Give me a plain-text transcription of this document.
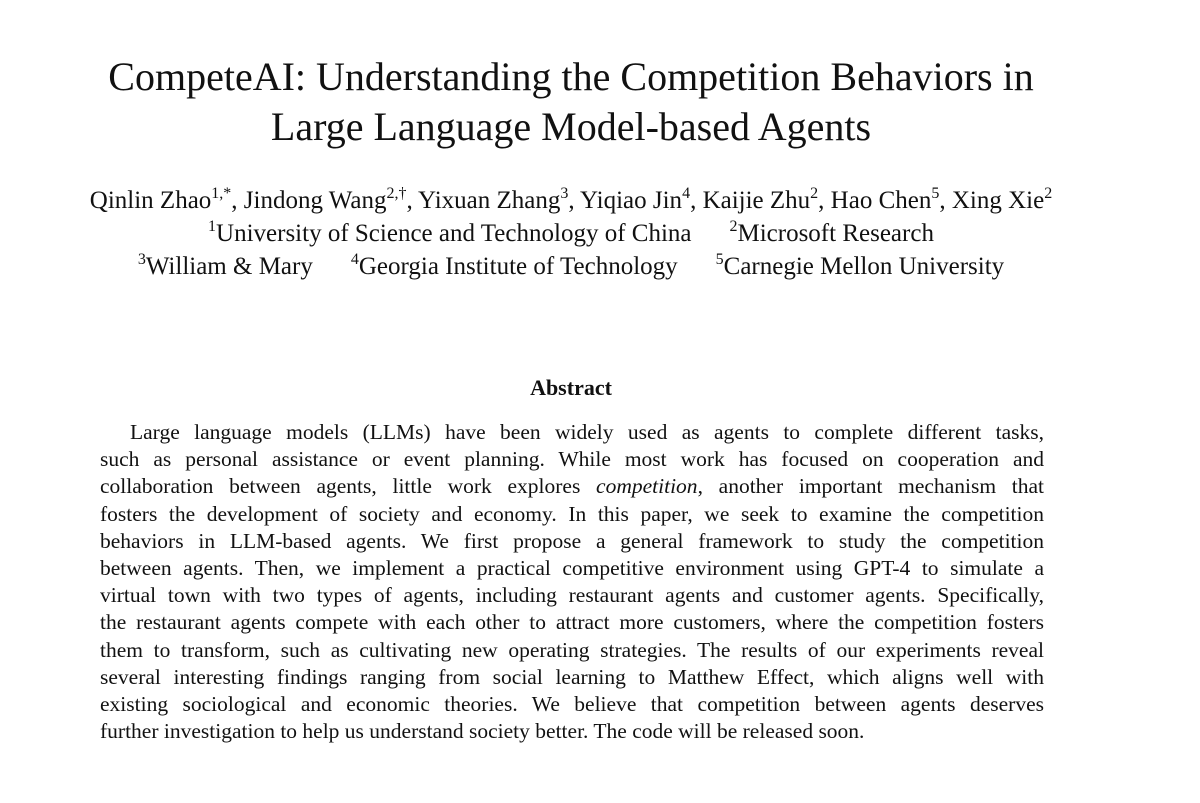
CompeteAI: Understanding the Competition Behaviors in
Large Language Model-based Agents
Qinlin Zhao$^{1,*}$, Jindong Wang$^{2,\dagger}$, Yixuan Zhang$^3$, Yiqiao Jin$^4$, Kaijie Zhu$^2$, Hao Chen$^5$, Xing Xie$^2$
$^1$University of Science and Technology of China $^2$Microsoft Research
$^3$William & Mary $^4$Georgia Institute of Technology $^5$Carnegie Mellon University
Abstract
Large language models (LLMs) have been widely used as agents to complete different tasks,
such as personal assistance or event planning. While most work has focused on cooperation and
collaboration between agents, little work explores competition, another important mechanism that
fosters the development of society and economy. In this paper, we seek to examine the competition
behaviors in LLM-based agents. We first propose a general framework to study the competition
between agents. Then, we implement a practical competitive environment using GPT-4 to simulate a
virtual town with two types of agents, including restaurant agents and customer agents. Specifically,
the restaurant agents compete with each other to attract more customers, where the competition fosters
them to transform, such as cultivating new operating strategies. The results of our experiments reveal
several interesting findings ranging from social learning to Matthew Effect, which aligns well with
existing sociological and economic theories. We believe that competition between agents deserves
further investigation to help us understand society better. The code will be released soon.
